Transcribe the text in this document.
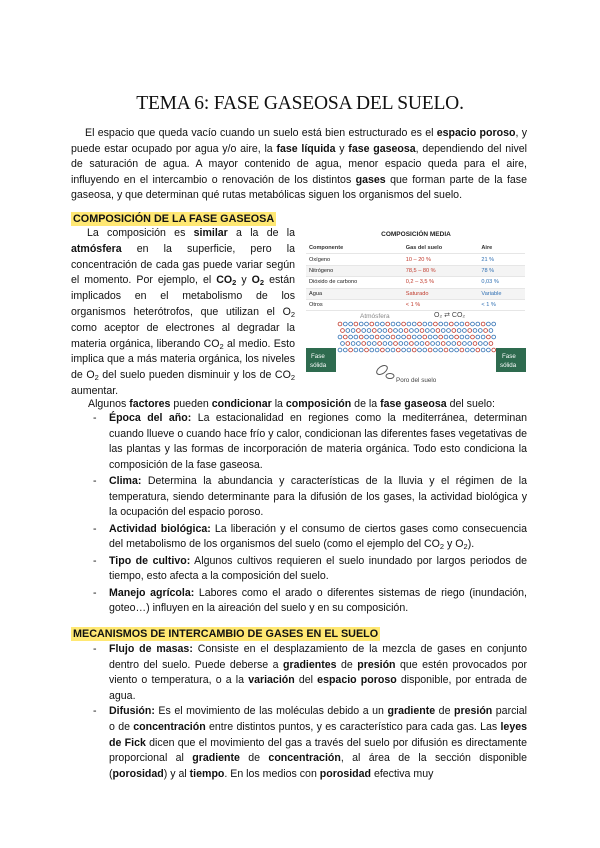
TEMA 6: FASE GASEOSA DEL SUELO.

El espacio que queda vacío cuando un suelo está bien estructurado es el espacio poroso, y puede estar ocupado por agua y/o aire, la fase líquida y fase gaseosa, dependiendo del nivel de saturación de agua. A mayor contenido de agua, menor espacio queda para el aire, influyendo en el intercambio o renovación de los distintos gases que forman parte de la fase gaseosa, y que determinan qué rutas metabólicas siguen los organismos del suelo.

COMPOSICIÓN DE LA FASE GASEOSA

La composición es similar a la de la atmósfera en la superficie, pero la concentración de cada gas puede variar según el momento. Por ejemplo, el $CO_2$ y $O_2$ están implicados en el metabolismo de los organismos heterótrofos, que utilizan el $O_2$ como aceptor de electrones al degradar la materia orgánica, liberando $CO_2$ al medio. Esto implica que a más materia orgánica, los niveles de $O_2$ del suelo pueden disminuir y los de $CO_2$ aumentar.

COMPOSICIÓN MEDIA
Componente	Gas del suelo	Aire
Oxígeno	10 – 20 %	21 %
Nitrógeno	78,5 – 80 %	78 %
Dióxido de carbono	0,2 – 3,5 %	0,03 %
Agua	Saturado	Variable
Otros	< 1 %	< 1 %
Atmósfera	O₂ ⇄ CO₂
Fase
sólida
Fase
sólida
Poro del suelo

Algunos factores pueden condicionar la composición de la fase gaseosa del suelo:

- Época del año: La estacionalidad en regiones como la mediterránea, determinan cuando llueve o cuando hace frío y calor, condicionan las diferentes fases vegetativas de las plantas y las formas de incorporación de materia orgánica. Todo esto condiciona la composición de la fase gaseosa.
- Clima: Determina la abundancia y características de la lluvia y el régimen de la temperatura, siendo determinante para la difusión de los gases, la actividad biológica y la ocupación del espacio poroso.
- Actividad biológica: La liberación y el consumo de ciertos gases como consecuencia del metabolismo de los organismos del suelo (como el ejemplo del $CO_2$ y $O_2$).
- Tipo de cultivo: Algunos cultivos requieren el suelo inundado por largos periodos de tiempo, esto afecta a la composición del suelo.
- Manejo agrícola: Labores como el arado o diferentes sistemas de riego (inundación, goteo…) influyen en la aireación del suelo y en su composición.
MECANISMOS DE INTERCAMBIO DE GASES EN EL SUELO
- Flujo de masas: Consiste en el desplazamiento de la mezcla de gases en conjunto dentro del suelo. Puede deberse a gradientes de presión que estén provocados por viento o temperatura, o a la variación del espacio poroso disponible, por entrada de agua.
- Difusión: Es el movimiento de las moléculas debido a un gradiente de presión parcial o de concentración entre distintos puntos, y es característico para cada gas. Las leyes de Fick dicen que el movimiento del gas a través del suelo por difusión es directamente proporcional al gradiente de concentración, al área de la sección disponible (porosidad) y al tiempo. En los medios con porosidad efectiva muy
